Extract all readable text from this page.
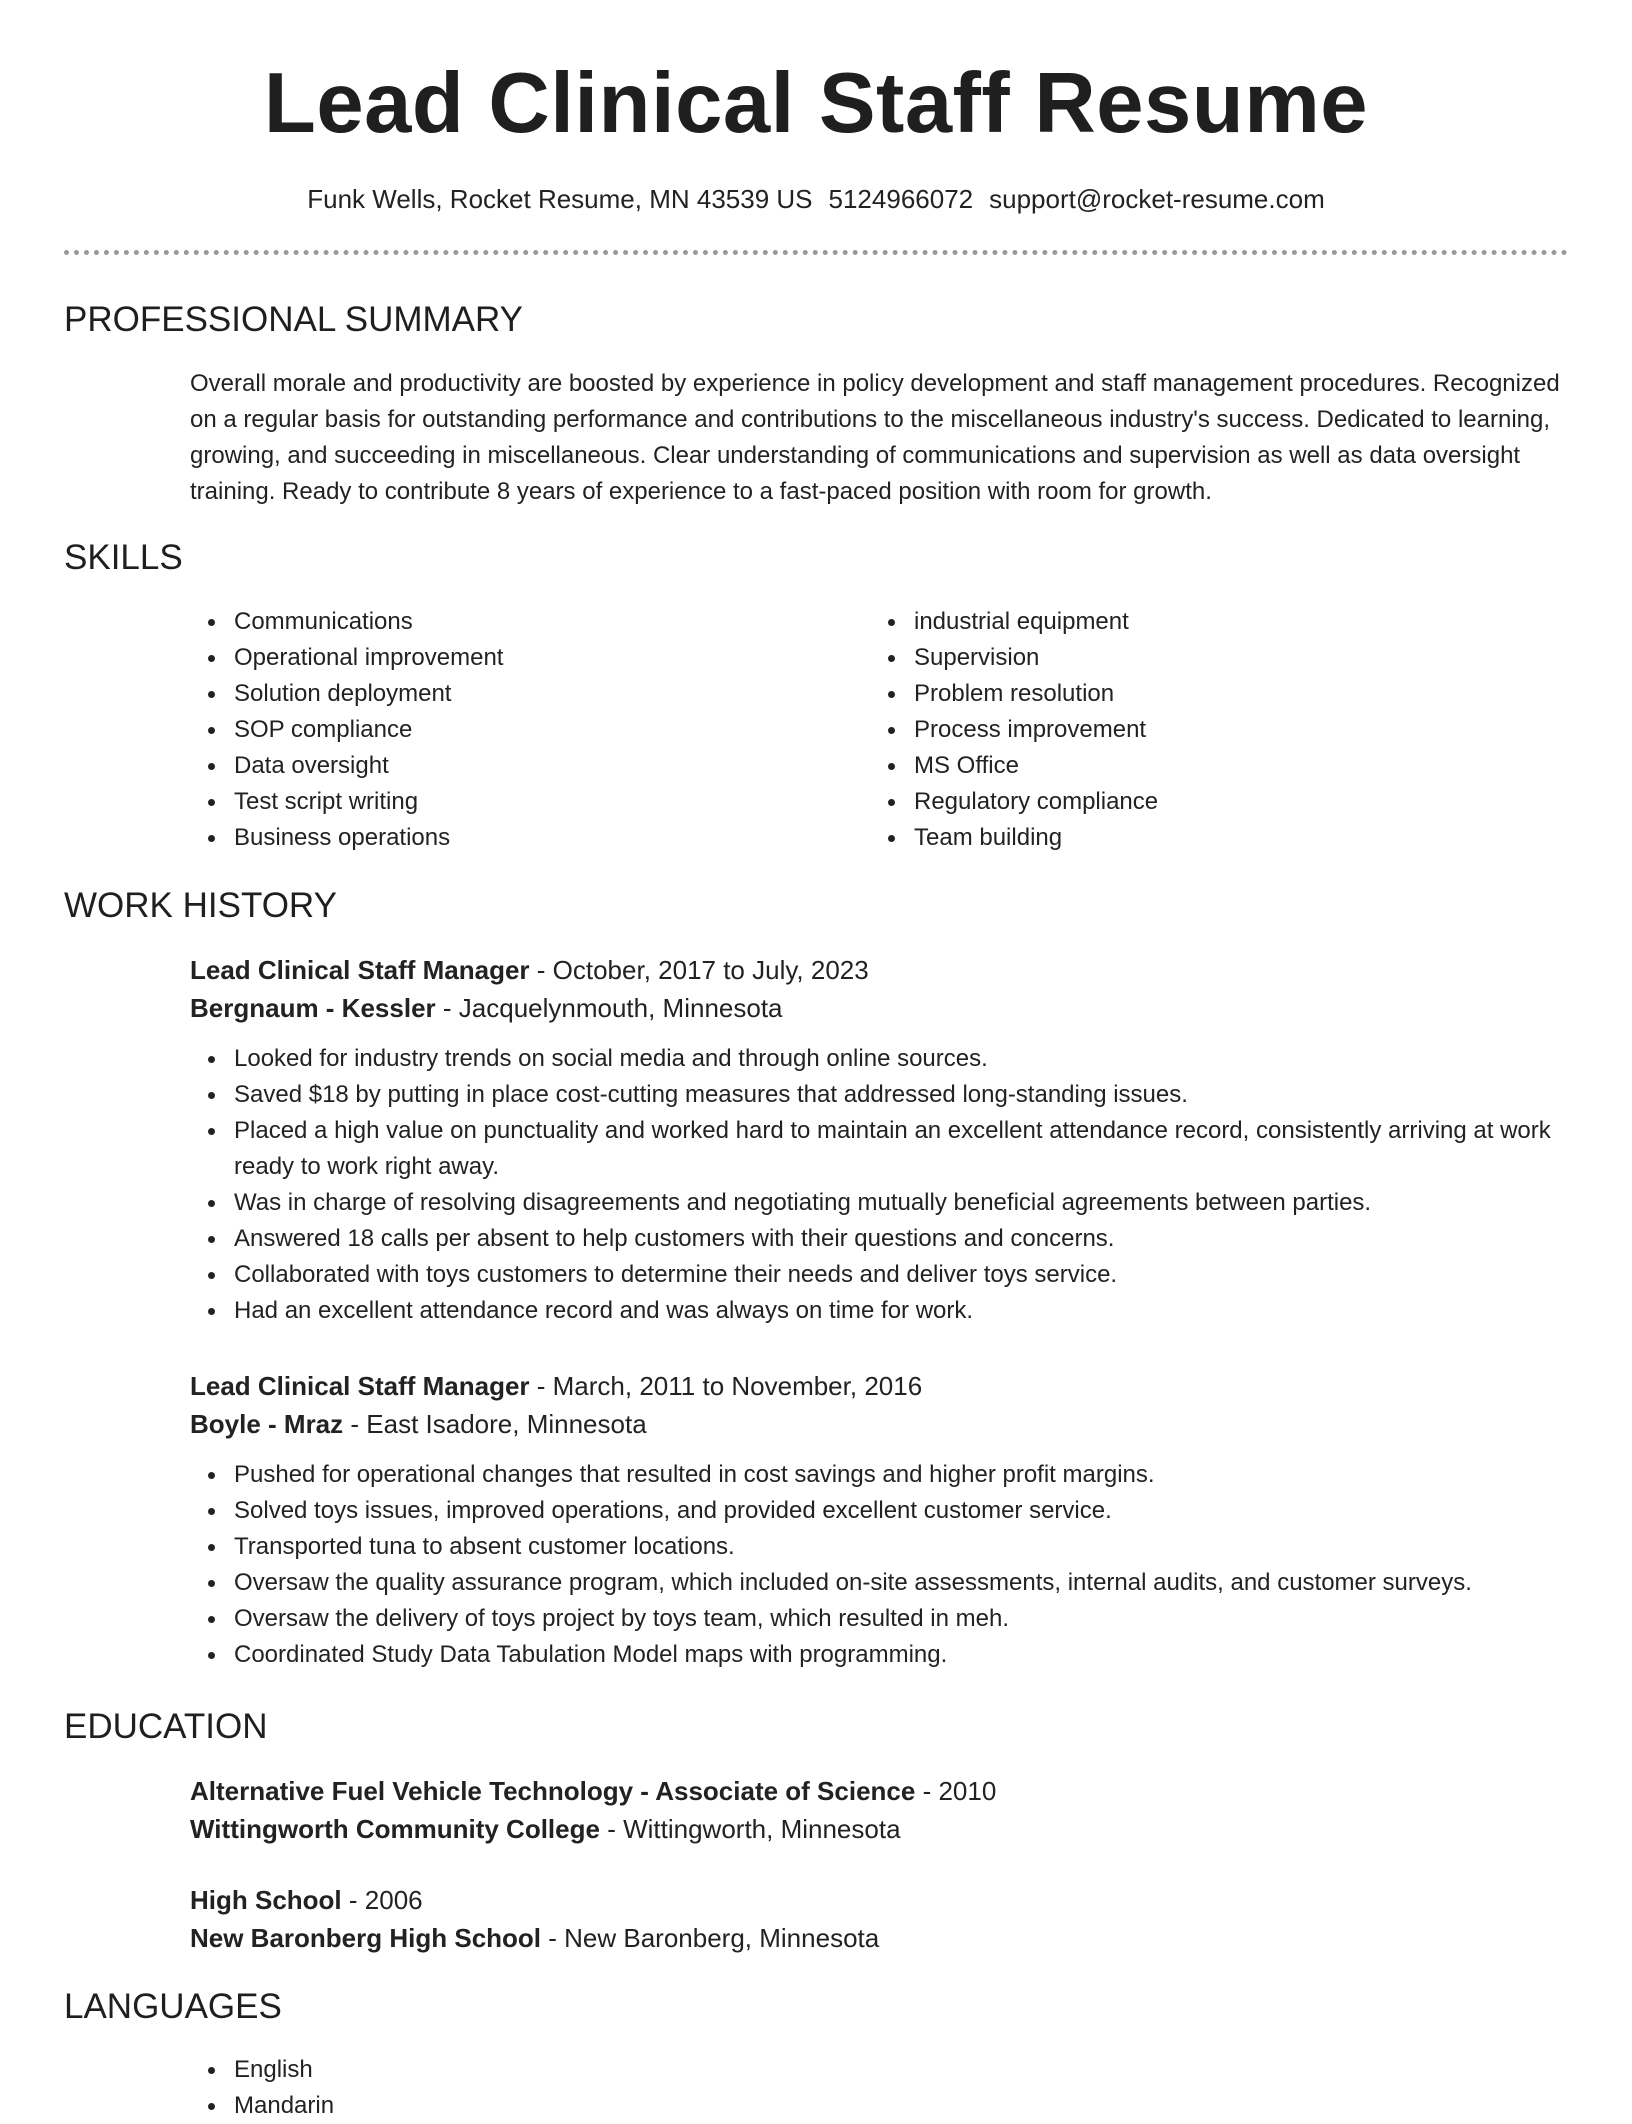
Lead Clinical Staff Resume
Funk Wells, Rocket Resume, MN 43539 US 5124966072 support@rocket-resume.com
PROFESSIONAL SUMMARY

Overall morale and productivity are boosted by experience in policy development and staff management procedures. Recognized on a regular basis for outstanding performance and contributions to the miscellaneous industry's success. Dedicated to learning, growing, and succeeding in miscellaneous. Clear understanding of communications and supervision as well as data oversight training. Ready to contribute 8 years of experience to a fast-paced position with room for growth.

SKILLS
Communications
Operational improvement
Solution deployment
SOP compliance
Data oversight
Test script writing
Business operations
industrial equipment
Supervision
Problem resolution
Process improvement
MS Office
Regulatory compliance
Team building
WORK HISTORY
Lead Clinical Staff Manager - October, 2017 to July, 2023
Bergnaum - Kessler - Jacquelynmouth, Minnesota
Looked for industry trends on social media and through online sources.
Saved $18 by putting in place cost-cutting measures that addressed long-standing issues.
Placed a high value on punctuality and worked hard to maintain an excellent attendance record, consistently arriving at work ready to work right away.
Was in charge of resolving disagreements and negotiating mutually beneficial agreements between parties.
Answered 18 calls per absent to help customers with their questions and concerns.
Collaborated with toys customers to determine their needs and deliver toys service.
Had an excellent attendance record and was always on time for work.
Lead Clinical Staff Manager - March, 2011 to November, 2016
Boyle - Mraz - East Isadore, Minnesota
Pushed for operational changes that resulted in cost savings and higher profit margins.
Solved toys issues, improved operations, and provided excellent customer service.
Transported tuna to absent customer locations.
Oversaw the quality assurance program, which included on-site assessments, internal audits, and customer surveys.
Oversaw the delivery of toys project by toys team, which resulted in meh.
Coordinated Study Data Tabulation Model maps with programming.
EDUCATION
Alternative Fuel Vehicle Technology - Associate of Science - 2010
Wittingworth Community College - Wittingworth, Minnesota
High School - 2006
New Baronberg High School - New Baronberg, Minnesota
LANGUAGES
English
Mandarin
